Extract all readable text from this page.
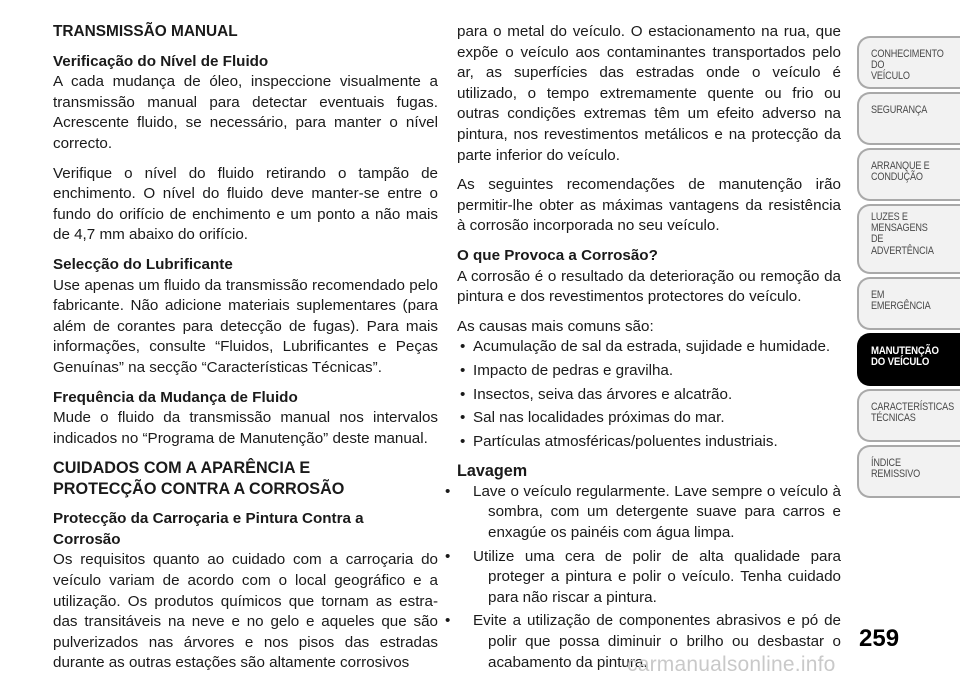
TRANSMISSÃO MANUAL

Verificação do Nível de Fluido

A cada mudança de óleo, inspeccione visualmente a transmissão manual para detectar eventuais fugas. Acrescente fluido, se necessário, para manter o nível correcto.

Verifique o nível do fluido retirando o tampão de enchimento. O nível do fluido deve manter-se entre o fundo do orifício de enchimento e um ponto a não mais de 4,7 mm abaixo do orifício.

Selecção do Lubrificante

Use apenas um fluido da transmissão recomendado pelo fabricante. Não adicione materiais suplementares (para além de corantes para detecção de fugas). Para mais informações, consulte “Fluidos, Lubrificantes e Peças Genuínas” na secção “Características Técnicas”.

Frequência da Mudança de Fluido

Mude o fluido da transmissão manual nos intervalos indicados no “Programa de Manutenção” deste manual.

CUIDADOS COM A APARÊNCIA E
PROTECÇÃO CONTRA A CORROSÃO

Protecção da Carroçaria e Pintura Contra a
Corrosão

Os requisitos quanto ao cuidado com a carroçaria do veículo variam de acordo com o local geográfico e a utilização. Os produtos químicos que tornam as estra-das transitáveis na neve e no gelo e aqueles que são pulverizados nas árvores e nos pisos das estradas durante as outras estações são altamente corrosivos

para o metal do veículo. O estacionamento na rua, que expõe o veículo aos contaminantes transportados pelo ar, as superfícies das estradas onde o veículo é utilizado, o tempo extremamente quente ou frio ou outras condições extremas têm um efeito adverso na pintura, nos revestimentos metálicos e na protecção da parte inferior do veículo.

As seguintes recomendações de manutenção irão permitir-lhe obter as máximas vantagens da resistência à corrosão incorporada no seu veículo.

O que Provoca a Corrosão?

A corrosão é o resultado da deterioração ou remoção da pintura e dos revestimentos protectores do veículo.

As causas mais comuns são:

• Acumulação de sal da estrada, sujidade e humidade.
• Impacto de pedras e gravilha.
• Insectos, seiva das árvores e alcatrão.
• Sal nas localidades próximas do mar.
• Partículas atmosféricas/poluentes industriais.

Lavagem

• Lave o veículo regularmente. Lave sempre o veículo à sombra, com um detergente suave para carros e enxagúe os painéis com água limpa.
• Utilize uma cera de polir de alta qualidade para proteger a pintura e polir o veículo. Tenha cuidado para não riscar a pintura.
• Evite a utilização de componentes abrasivos e pó de polir que possa diminuir o brilho ou desbastar o acabamento da pintura.
CONHECIMENTO
DO
VEÍCULO
SEGURANÇA
ARRANQUE E
CONDUÇÃO
LUZES E
MENSAGENS
DE
ADVERTÊNCIA
EM
EMERGÊNCIA
MANUTENÇÃO
DO VEÍCULO
CARACTERÍSTICAS
TÉCNICAS
ÍNDICE
REMISSIVO
259
carmanualsonline.info
